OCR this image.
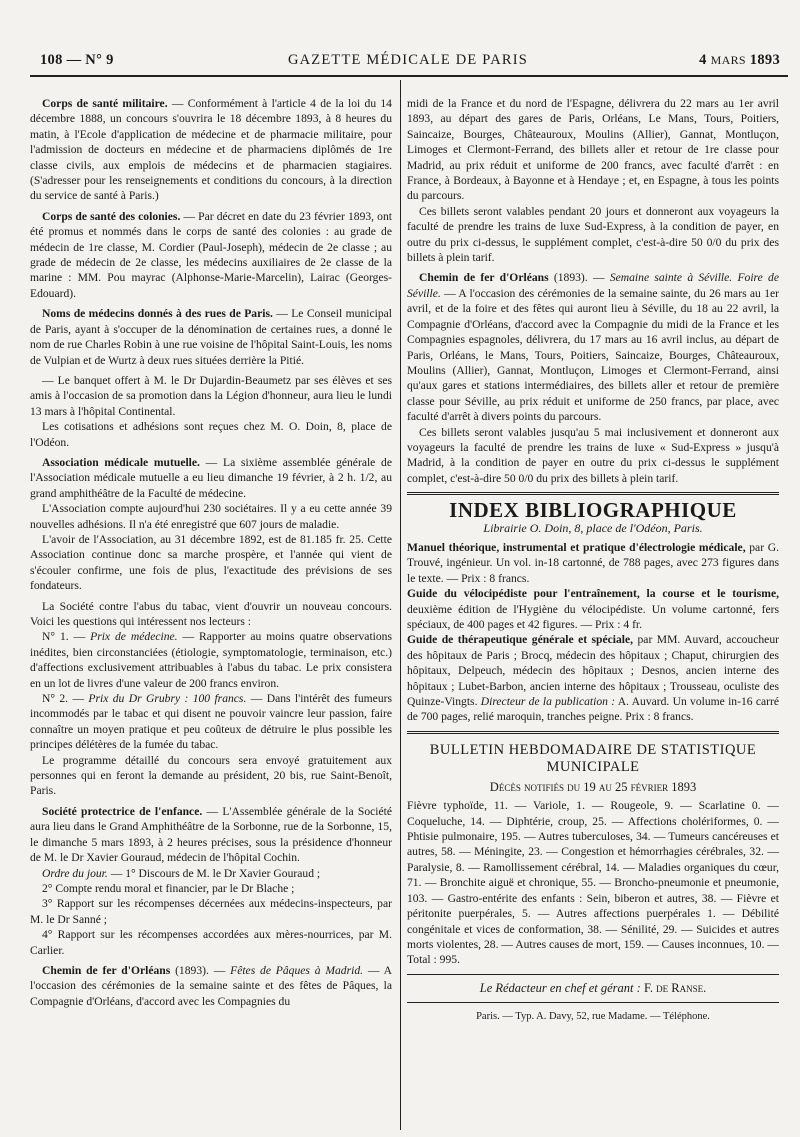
108 — N° 9	GAZETTE MÉDICALE DE PARIS	4 MARS 1893

Corps de santé militaire. — Conformément à l'article 4 de la loi du 14 décembre 1888, un concours s'ouvrira le 18 décembre 1893, à 8 heures du matin, à l'Ecole d'application de médecine et de pharmacie militaire, pour l'admission de docteurs en médecine et de pharmaciens diplômés de 1re classe civils, aux emplois de médecins et de pharmacien stagiaires. (S'adresser pour les renseignements et conditions du concours, à la direction du service de santé à Paris.)

Corps de santé des colonies. — Par décret en date du 23 février 1893, ont été promus et nommés dans le corps de santé des colonies : au grade de médecin de 1re classe, M. Cordier (Paul-Joseph), médecin de 2e classe ; au grade de médecin de 2e classe, les médecins auxiliaires de 2e classe de la marine : MM. Pou mayrac (Alphonse-Marie-Marcelin), Lairac (Georges-Edouard).

Noms de médecins donnés à des rues de Paris. — Le Conseil municipal de Paris, ayant à s'occuper de la dénomination de certaines rues, a donné le nom de rue Charles Robin à une rue voisine de l'hôpital Saint-Louis, les noms de Vulpian et de Wurtz à deux rues situées derrière la Pitié.

— Le banquet offert à M. le Dr Dujardin-Beaumetz par ses élèves et ses amis à l'occasion de sa promotion dans la Légion d'honneur, aura lieu le lundi 13 mars à l'hôpital Continental.

Les cotisations et adhésions sont reçues chez M. O. Doin, 8, place de l'Odéon.

Association médicale mutuelle. — La sixième assemblée générale de l'Association médicale mutuelle a eu lieu dimanche 19 février, à 2 h. 1/2, au grand amphithéâtre de la Faculté de médecine.

L'Association compte aujourd'hui 230 sociétaires. Il y a eu cette année 39 nouvelles adhésions. Il n'a été enregistré que 607 jours de maladie.

L'avoir de l'Association, au 31 décembre 1892, est de 81.185 fr. 25. Cette Association continue donc sa marche prospère, et l'année qui vient de s'écouler confirme, une fois de plus, l'exactitude des prévisions de ses fondateurs.

La Société contre l'abus du tabac, vient d'ouvrir un nouveau concours. Voici les questions qui intéressent nos lecteurs :

N° 1. — Prix de médecine. — Rapporter au moins quatre observations inédites, bien circonstanciées (étiologie, symptomatologie, terminaison, etc.) d'affections exclusivement attribuables à l'abus du tabac. Le prix consistera en un lot de livres d'une valeur de 200 francs environ.

N° 2. — Prix du Dr Grubry : 100 francs. — Dans l'intérêt des fumeurs incommodés par le tabac et qui disent ne pouvoir vaincre leur passion, faire connaître un moyen pratique et peu coûteux de détruire le plus possible les principes délétères de la fumée du tabac.

Le programme détaillé du concours sera envoyé gratuitement aux personnes qui en feront la demande au président, 20 bis, rue Saint-Benoît, Paris.

Société protectrice de l'enfance. — L'Assemblée générale de la Société aura lieu dans le Grand Amphithéâtre de la Sorbonne, rue de la Sorbonne, 15, le dimanche 5 mars 1893, à 2 heures précises, sous la présidence d'honneur de M. le Dr Xavier Gouraud, médecin de l'hôpital Cochin.

Ordre du jour. — 1° Discours de M. le Dr Xavier Gouraud ;

2° Compte rendu moral et financier, par le Dr Blache ;

3° Rapport sur les récompenses décernées aux médecins-inspecteurs, par M. le Dr Sanné ;

4° Rapport sur les récompenses accordées aux mères-nourrices, par M. Carlier.

Chemin de fer d'Orléans (1893). — Fêtes de Pâques à Madrid. — A l'occasion des cérémonies de la semaine sainte et des fêtes de Pâques, la Compagnie d'Orléans, d'accord avec les Compagnies du

midi de la France et du nord de l'Espagne, délivrera du 22 mars au 1er avril 1893, au départ des gares de Paris, Orléans, Le Mans, Tours, Poitiers, Saincaize, Bourges, Châteauroux, Moulins (Allier), Gannat, Montluçon, Limoges et Clermont-Ferrand, des billets aller et retour de 1re classe pour Madrid, au prix réduit et uniforme de 200 francs, avec faculté d'arrêt : en France, à Bordeaux, à Bayonne et à Hendaye ; et, en Espagne, à tous les points du parcours.

Ces billets seront valables pendant 20 jours et donneront aux voyageurs la faculté de prendre les trains de luxe Sud-Express, à la condition de payer, en outre du prix ci-dessus, le supplément complet, c'est-à-dire 50 0/0 du prix des billets à plein tarif.

Chemin de fer d'Orléans (1893). — Semaine sainte à Séville. Foire de Séville. — A l'occasion des cérémonies de la semaine sainte, du 26 mars au 1er avril, et de la foire et des fêtes qui auront lieu à Séville, du 18 au 22 avril, la Compagnie d'Orléans, d'accord avec la Compagnie du midi de la France et les Compagnies espagnoles, délivrera, du 17 mars au 16 avril inclus, au départ de Paris, Orléans, le Mans, Tours, Poitiers, Saincaize, Bourges, Châteauroux, Moulins (Allier), Gannat, Montluçon, Limoges et Clermont-Ferrand, ainsi qu'aux gares et stations intermédiaires, des billets aller et retour de première classe pour Séville, au prix réduit et uniforme de 250 francs, par place, avec faculté d'arrêt à divers points du parcours.

Ces billets seront valables jusqu'au 5 mai inclusivement et donneront aux voyageurs la faculté de prendre les trains de luxe « Sud-Express » jusqu'à Madrid, à la condition de payer en outre du prix ci-dessus le supplément complet, c'est-à-dire 50 0/0 du prix des billets à plein tarif.

INDEX BIBLIOGRAPHIQUE
Librairie O. Doin, 8, place de l'Odéon, Paris.

Manuel théorique, instrumental et pratique d'électrologie médicale, par G. Trouvé, ingénieur. Un vol. in-18 cartonné, de 788 pages, avec 273 figures dans le texte. — Prix : 8 francs.

Guide du vélocipédiste pour l'entraînement, la course et le tourisme, deuxième édition de l'Hygiène du vélocipédiste. Un volume cartonné, fers spéciaux, de 400 pages et 42 figures. — Prix : 4 fr.

Guide de thérapeutique générale et spéciale, par MM. Auvard, accoucheur des hôpitaux de Paris ; Brocq, médecin des hôpitaux ; Chaput, chirurgien des hôpitaux, Delpeuch, médecin des hôpitaux ; Desnos, ancien interne des hôpitaux ; Lubet-Barbon, ancien interne des hôpitaux ; Trousseau, oculiste des Quinze-Vingts. Directeur de la publication : A. Auvard. Un volume in-16 carré de 700 pages, relié maroquin, tranches peigne. Prix : 8 francs.

BULLETIN HEBDOMADAIRE DE STATISTIQUE
MUNICIPALE
Décès notifiés du 19 au 25 février 1893

Fièvre typhoïde, 11. — Variole, 1. — Rougeole, 9. — Scarlatine 0. — Coqueluche, 14. — Diphtérie, croup, 25. — Affections cholériformes, 0. — Phtisie pulmonaire, 195. — Autres tuberculoses, 34. — Tumeurs cancéreuses et autres, 58. — Méningite, 23. — Congestion et hémorrhagies cérébrales, 32. — Paralysie, 8. — Ramollissement cérébral, 14. — Maladies organiques du cœur, 71. — Bronchite aiguë et chronique, 55. — Broncho-pneumonie et pneumonie, 103. — Gastro-entérite des enfants : Sein, biberon et autres, 38. — Fièvre et péritonite puerpérales, 5. — Autres affections puerpérales 1. — Débilité congénitale et vices de conformation, 38. — Sénilité, 29. — Suicides et autres morts violentes, 28. — Autres causes de mort, 159. — Causes inconnues, 10. — Total : 995.

Le Rédacteur en chef et gérant : F. de Ranse.
Paris. — Typ. A. Davy, 52, rue Madame. — Téléphone.
